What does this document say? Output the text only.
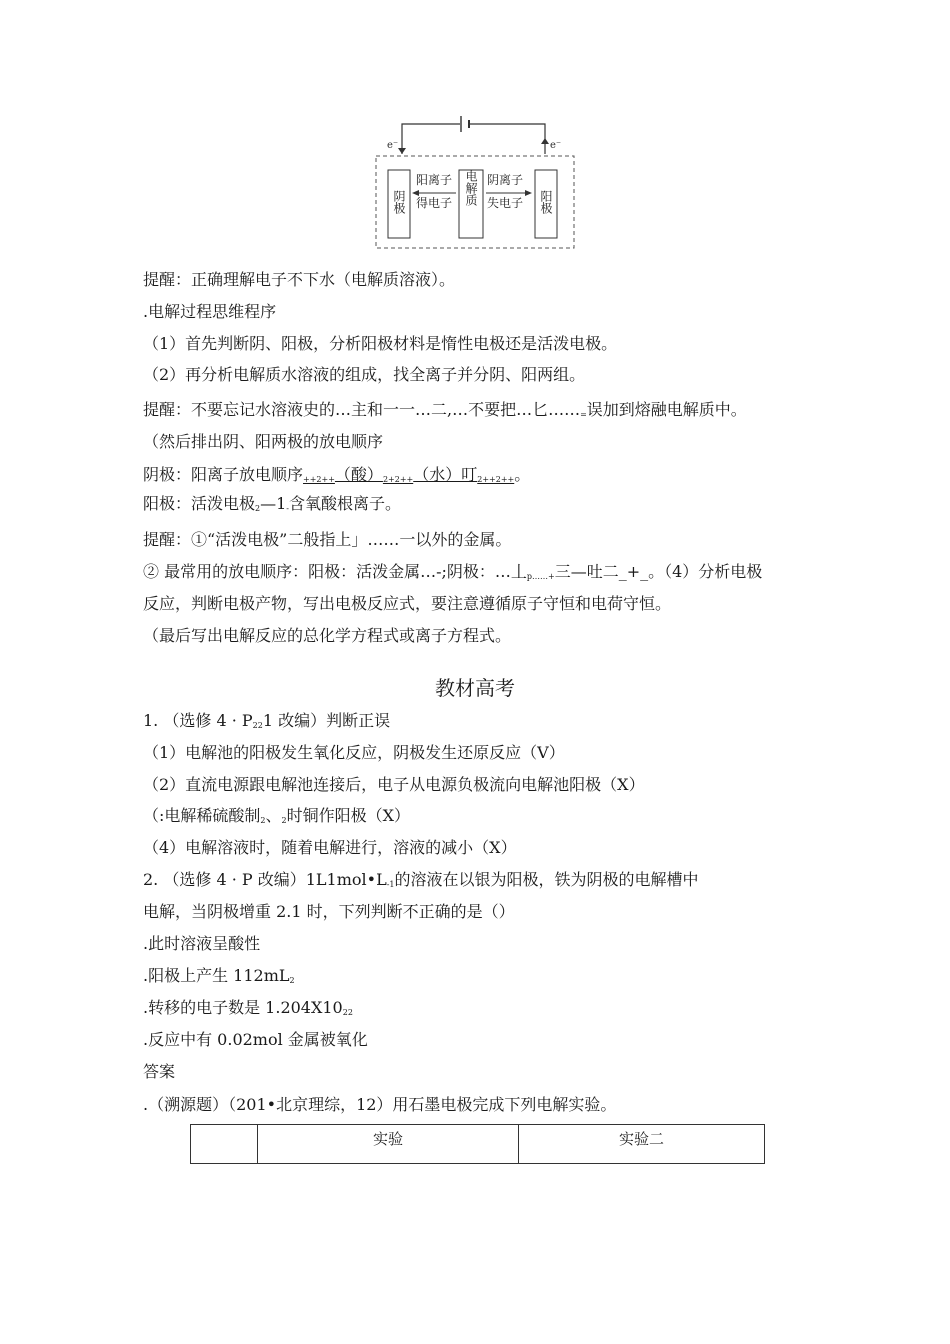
e⁻	e⁻
阴极	电解质	阳极
阳离子
得电子
阴离子
失电子
提醒：正确理解电子不下水（电解质溶液）。
.电解过程思维程序
（1）首先判断阴、阳极，分析阳极材料是惰性电极还是活泼电极。
（2）再分析电解质水溶液的组成，找全离子并分阴、阳两组。
提醒：不要忘记水溶液史的…主和一一…二,…不要把…匕$\dots\dots_=$误加到熔融电解质中。
（然后排出阴、阳两极的放电顺序
阴极：阳离子放电顺序$_{++2++}$（酸）$_{2+2++}$（水）叮$_{2++2++}$。
阳极：活泼电极$_2—1_-$含氧酸根离子。
提醒：①“活泼电极”二般指上」……一以外的金属。
② 最常用的放电顺序：阳极：活泼金属…-;阴极：…丄$_{p\dots\dots+}$三—吐二_+_。（4）分析电极
反应，判断电极产物，写出电极反应式，要注意遵循原子守恒和电荷守恒。
（最后写出电解反应的总化学方程式或离子方程式。
教材高考
1. （选修 $4 \cdot P_{22}1$ 改编）判断正误
（1）电解池的阳极发生氧化反应，阴极发生还原反应（V）
（2）直流电源跟电解池连接后，电子从电源负极流向电解池阳极（X）
（:电解稀硫酸制$_2$、$_2$时铜作阳极（X）
（4）电解溶液时，随着电解进行，溶液的减小（X）
2. （选修 4 · P 改编）$1L1mol•L_{-1}$的溶液在以银为阳极，铁为阴极的电解槽中
电解，当阴极增重 2.1 时，下列判断不正确的是（）
.此时溶液呈酸性
.阳极上产生 $112mL_2$
.转移的电子数是 $1.204X10_{22}$
.反应中有 0.02mol 金属被氧化
答案
.（溯源题）（201•北京理综，12）用石墨电极完成下列电解实验。
	实验	实验二
